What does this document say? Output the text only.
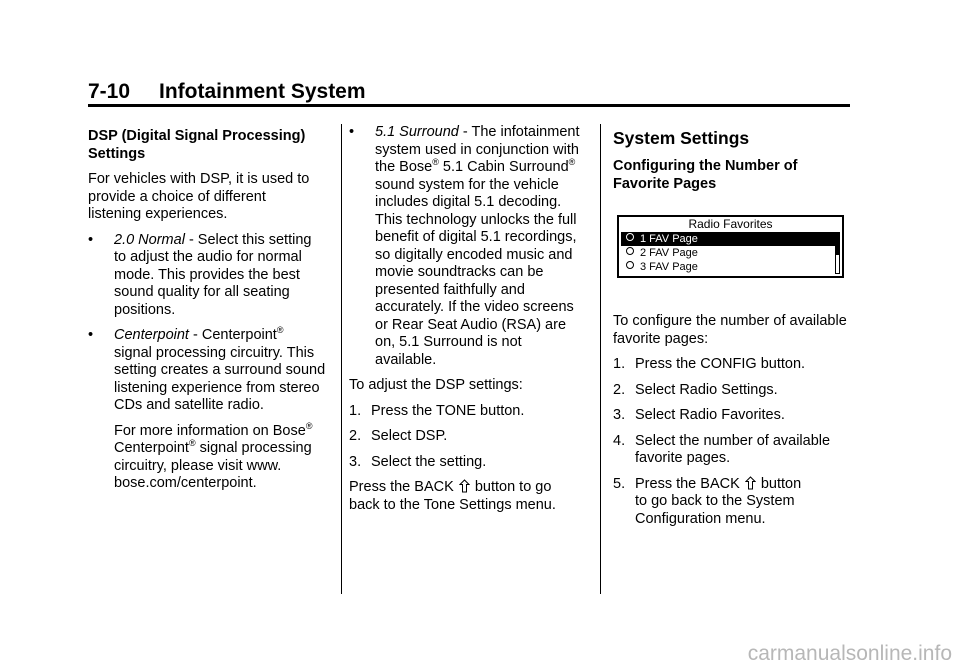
7-10 Infotainment System

DSP (Digital Signal Processing)
Settings

For vehicles with DSP, it is used to
provide a choice of different
listening experiences.

• 2.0 Normal - Select this setting
to adjust the audio for normal
mode. This provides the best
sound quality for all seating
positions.
• Centerpoint - Centerpoint®
signal processing circuitry. This
setting creates a surround sound
listening experience from stereo
CDs and satellite radio.
For more information on Bose®
Centerpoint® signal processing
circuitry, please visit www.
bose.com/centerpoint.
• 5.1 Surround - The infotainment
system used in conjunction with
the Bose® 5.1 Cabin Surround®
sound system for the vehicle
includes digital 5.1 decoding.
This technology unlocks the full
benefit of digital 5.1 recordings,
so digitally encoded music and
movie soundtracks can be
presented faithfully and
accurately. If the video screens
or Rear Seat Audio (RSA) are
on, 5.1 Surround is not
available.

To adjust the DSP settings:

1. Press the TONE button.
2. Select DSP.
3. Select the setting.

Press the BACK button to go
back to the Tone Settings menu.

System Settings

Configuring the Number of
Favorite Pages

To configure the number of available
favorite pages:

1. Press the CONFIG button.
2. Select Radio Settings.
3. Select Radio Favorites.
4. Select the number of available
favorite pages.
5. Press the BACK button
to go back to the System
Configuration menu.
Radio Favorites
1 FAV Page
2 FAV Page
3 FAV Page
carmanualsonline.info
